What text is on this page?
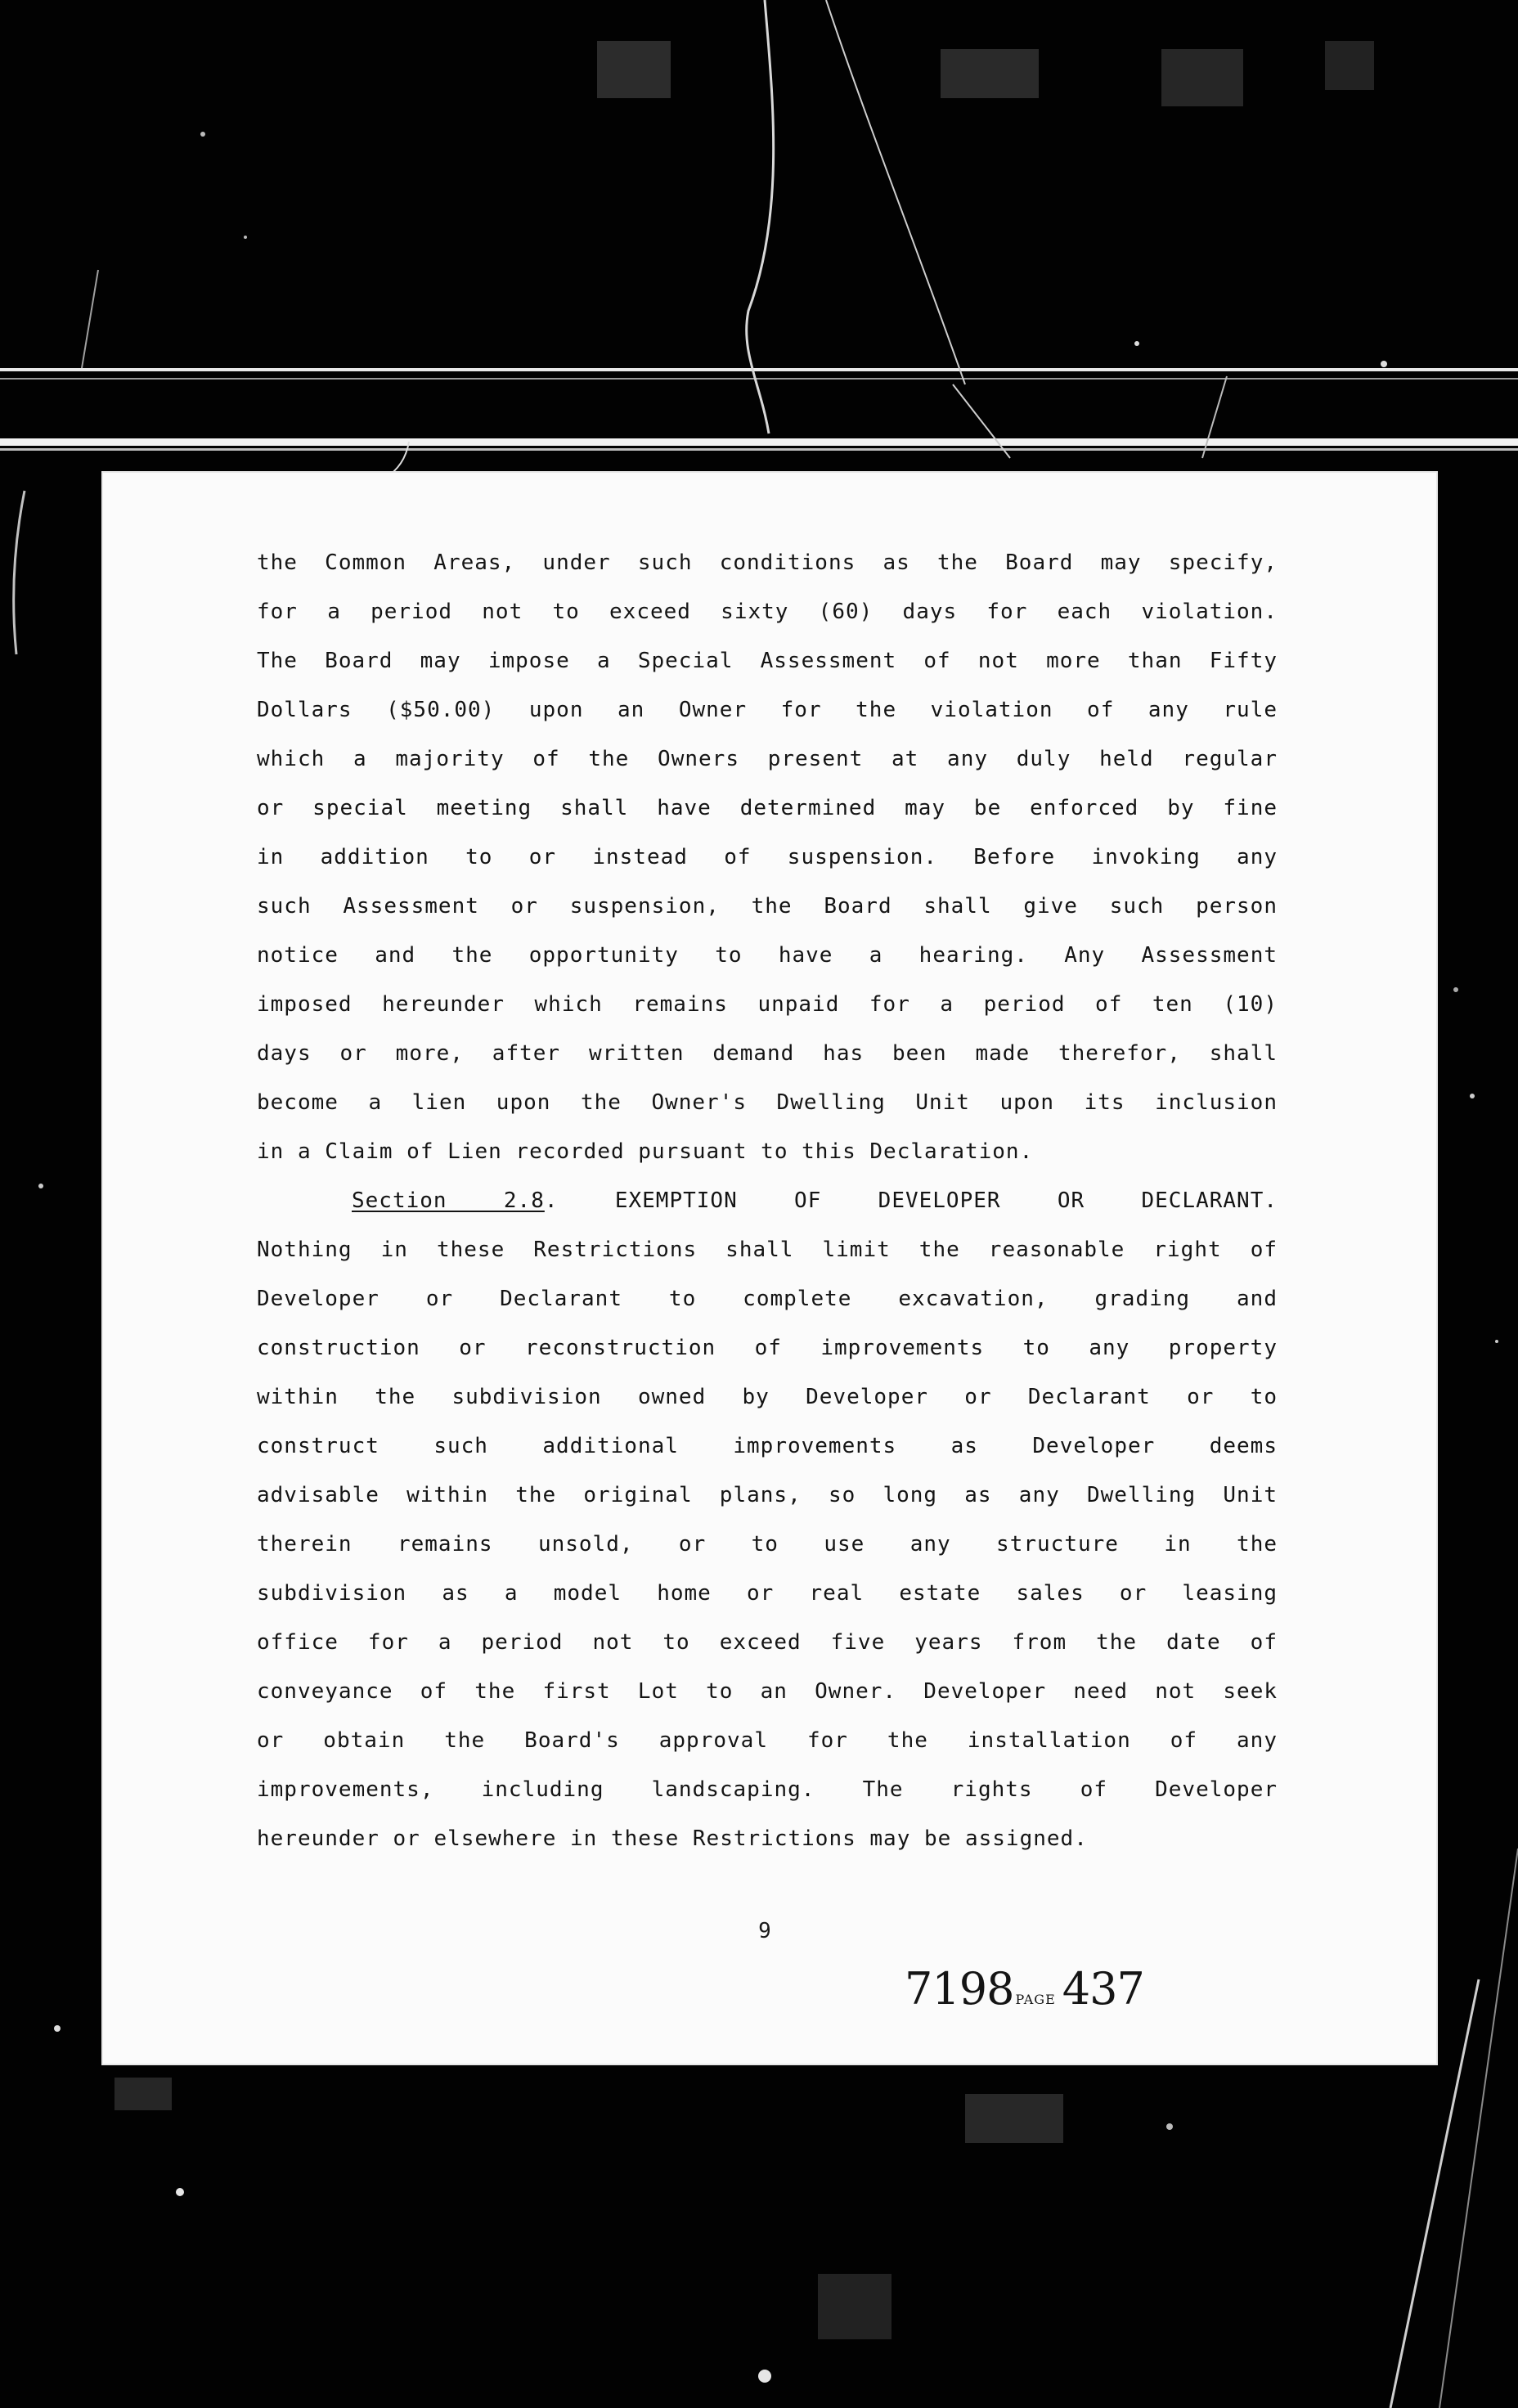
the Common Areas, under such conditions as the Board may specify,
for a period not to exceed sixty (60) days for each violation.
The Board may impose a Special Assessment of not more than Fifty
Dollars ($50.00) upon an Owner for the violation of any rule
which a majority of the Owners present at any duly held regular
or special meeting shall have determined may be enforced by fine
in addition to or instead of suspension. Before invoking any
such Assessment or suspension, the Board shall give such person
notice and the opportunity to have a hearing. Any Assessment
imposed hereunder which remains unpaid for a period of ten (10)
days or more, after written demand has been made therefor, shall
become a lien upon the Owner's Dwelling Unit upon its inclusion
in a Claim of Lien recorded pursuant to this Declaration.
Section 2.8.	EXEMPTION OF DEVELOPER OR DECLARANT.
Nothing in these Restrictions shall limit the reasonable right of
Developer or Declarant to complete excavation, grading and
construction or reconstruction of improvements to any property
within the subdivision owned by Developer or Declarant or to
construct such additional improvements as Developer deems
advisable within the original plans, so long as any Dwelling Unit
therein remains unsold, or to use any structure in the
subdivision as a model home or real estate sales or leasing
office for a period not to exceed five years from the date of
conveyance of the first Lot to an Owner. Developer need not seek
or obtain the Board's approval for the installation of any
improvements, including landscaping. The rights of Developer
hereunder or elsewhere in these Restrictions may be assigned.
9
7198 PAGE 437
